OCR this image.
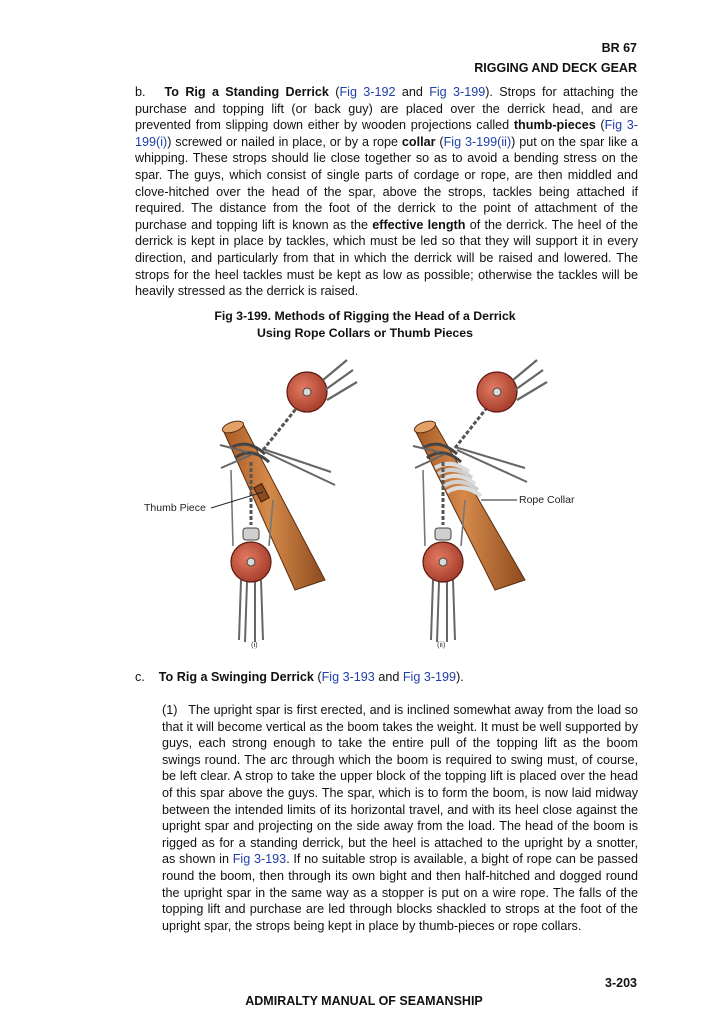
BR 67
RIGGING AND DECK GEAR
b. To Rig a Standing Derrick (Fig 3-192 and Fig 3-199). Strops for attaching the purchase and topping lift (or back guy) are placed over the derrick head, and are prevented from slipping down either by wooden projections called thumb-pieces (Fig 3-199(i)) screwed or nailed in place, or by a rope collar (Fig 3-199(ii)) put on the spar like a whipping. These strops should lie close together so as to avoid a bending stress on the spar. The guys, which consist of single parts of cordage or rope, are then middled and clove-hitched over the head of the spar, above the strops, tackles being attached if required. The distance from the foot of the derrick to the point of attachment of the purchase and topping lift is known as the effective length of the derrick. The heel of the derrick is kept in place by tackles, which must be led so that they will support it in every direction, and particularly from that in which the derrick will be raised and lowered. The strops for the heel tackles must be kept as low as possible; otherwise the tackles will be heavily stressed as the derrick is raised.
Fig 3-199. Methods of Rigging the Head of a Derrick
Using Rope Collars or Thumb Pieces
Thumb Piece
Rope Collar
(i)	(ii)
c. To Rig a Swinging Derrick (Fig 3-193 and Fig 3-199).
(1) The upright spar is first erected, and is inclined somewhat away from the load so that it will become vertical as the boom takes the weight. It must be well supported by guys, each strong enough to take the entire pull of the topping lift as the boom swings round. The arc through which the boom is required to swing must, of course, be left clear. A strop to take the upper block of the topping lift is placed over the head of this spar above the guys. The spar, which is to form the boom, is now laid midway between the intended limits of its horizontal travel, and with its heel close against the upright spar and projecting on the side away from the load. The head of the boom is rigged as for a standing derrick, but the heel is attached to the upright by a snotter, as shown in Fig 3-193. If no suitable strop is available, a bight of rope can be passed round the boom, then through its own bight and then half-hitched and dogged round the upright spar in the same way as a stopper is put on a wire rope. The falls of the topping lift and purchase are led through blocks shackled to strops at the foot of the upright spar, the strops being kept in place by thumb-pieces or rope collars.
3-203
ADMIRALTY MANUAL OF SEAMANSHIP
